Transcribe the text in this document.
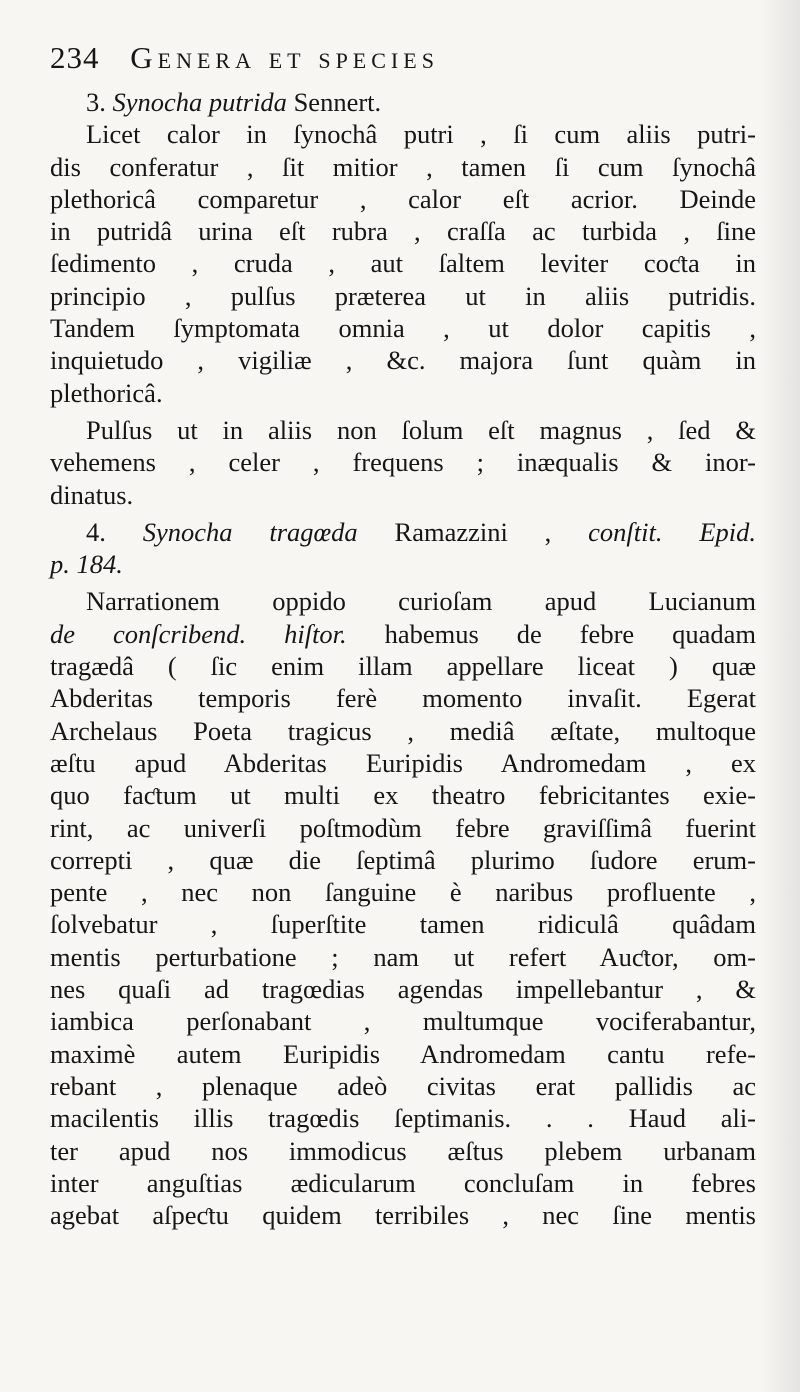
234 Genera et species
3. Synocha putrida Sennert.
Licet calor in ſynochâ putri , ſi cum aliis putri-
dis conferatur , ſit mitior , tamen ſi cum ſynochâ
plethoricâ comparetur , calor eſt acrior. Deinde
in putridâ urina eſt rubra , craſſa ac turbida , ſine
ſedimento , cruda , aut ſaltem leviter coƈta in
principio , pulſus præterea ut in aliis putridis.
Tandem ſymptomata omnia , ut dolor capitis ,
inquietudo , vigiliæ , &c. majora ſunt quàm in
plethoricâ.
Pulſus ut in aliis non ſolum eſt magnus , ſed &
vehemens , celer , frequens ; inæqualis & inor-
dinatus.
4. Synocha tragœda Ramazzini , conſtit. Epid.
p. 184.
Narrationem oppido curioſam apud Lucianum
de conſcribend. hiſtor. habemus de febre quadam
tragædâ ( ſic enim illam appellare liceat ) quæ
Abderitas temporis ferè momento invaſit. Egerat
Archelaus Poeta tragicus , mediâ æſtate, multoque
æſtu apud Abderitas Euripidis Andromedam , ex
quo faƈtum ut multi ex theatro febricitantes exie-
rint, ac univerſi poſtmodùm febre graviſſimâ fuerint
correpti , quæ die ſeptimâ plurimo ſudore erum-
pente , nec non ſanguine è naribus profluente ,
ſolvebatur , ſuperſtite tamen ridiculâ quâdam
mentis perturbatione ; nam ut refert Auƈtor, om-
nes quaſi ad tragœdias agendas impellebantur , &
iambica perſonabant , multumque vociferabantur,
maximè autem Euripidis Andromedam cantu refe-
rebant , plenaque adeò civitas erat pallidis ac
macilentis illis tragœdis ſeptimanis. . . Haud ali-
ter apud nos immodicus æſtus plebem urbanam
inter anguſtias ædicularum concluſam in febres
agebat aſpeƈtu quidem terribiles , nec ſine mentis
